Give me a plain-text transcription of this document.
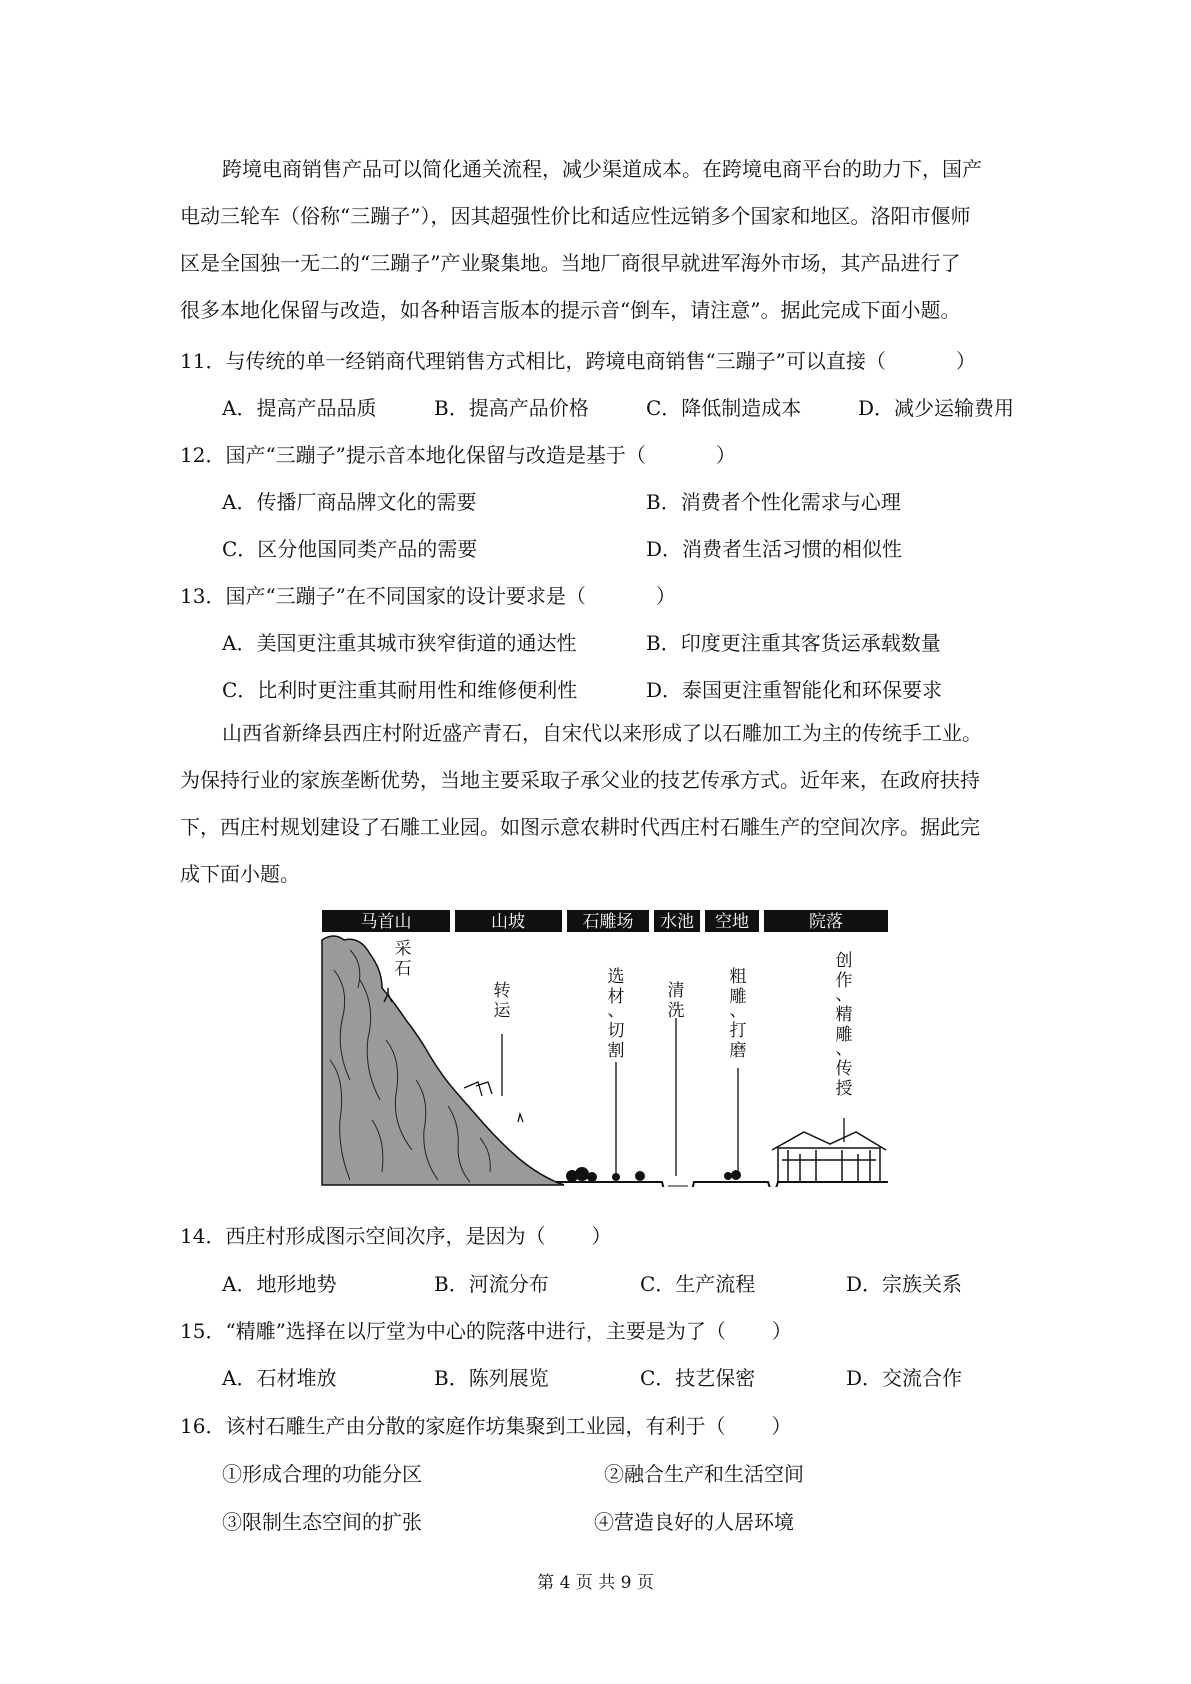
跨境电商销售产品可以简化通关流程，减少渠道成本。在跨境电商平台的助力下，国产
电动三轮车（俗称“三蹦子”），因其超强性价比和适应性远销多个国家和地区。洛阳市偃师
区是全国独一无二的“三蹦子”产业聚集地。当地厂商很早就进军海外市场，其产品进行了
很多本地化保留与改造，如各种语言版本的提示音“倒车，请注意”。据此完成下面小题。
11．与传统的单一经销商代理销售方式相比，跨境电商销售“三蹦子”可以直接（	）
A．提高产品品质	B．提高产品价格	C．降低制造成本	D．减少运输费用
12．国产“三蹦子”提示音本地化保留与改造是基于（	）
A．传播厂商品牌文化的需要	B．消费者个性化需求与心理
C．区分他国同类产品的需要	D．消费者生活习惯的相似性
13．国产“三蹦子”在不同国家的设计要求是（	）
A．美国更注重其城市狭窄街道的通达性	B．印度更注重其客货运承载数量
C．比利时更注重其耐用性和维修便利性	D．泰国更注重智能化和环保要求
山西省新绛县西庄村附近盛产青石，自宋代以来形成了以石雕加工为主的传统手工业。
为保持行业的家族垄断优势，当地主要采取子承父业的技艺传承方式。近年来，在政府扶持
下，西庄村规划建设了石雕工业园。如图示意农耕时代西庄村石雕生产的空间次序。据此完
成下面小题。
马首山	山坡	石雕场 水池 空地	院落
采石
转运
选材、切割
清洗
粗雕、打磨
创作、精雕、传授
14．西庄村形成图示空间次序，是因为（ ）
A．地形地势	B．河流分布	C．生产流程	D．宗族关系
15．“精雕”选择在以厅堂为中心的院落中进行，主要是为了（ ）
A．石材堆放	B．陈列展览	C．技艺保密	D．交流合作
16．该村石雕生产由分散的家庭作坊集聚到工业园，有利于（ ）
①形成合理的功能分区	②融合生产和生活空间
③限制生态空间的扩张	④营造良好的人居环境
第 4 页 共 9 页
